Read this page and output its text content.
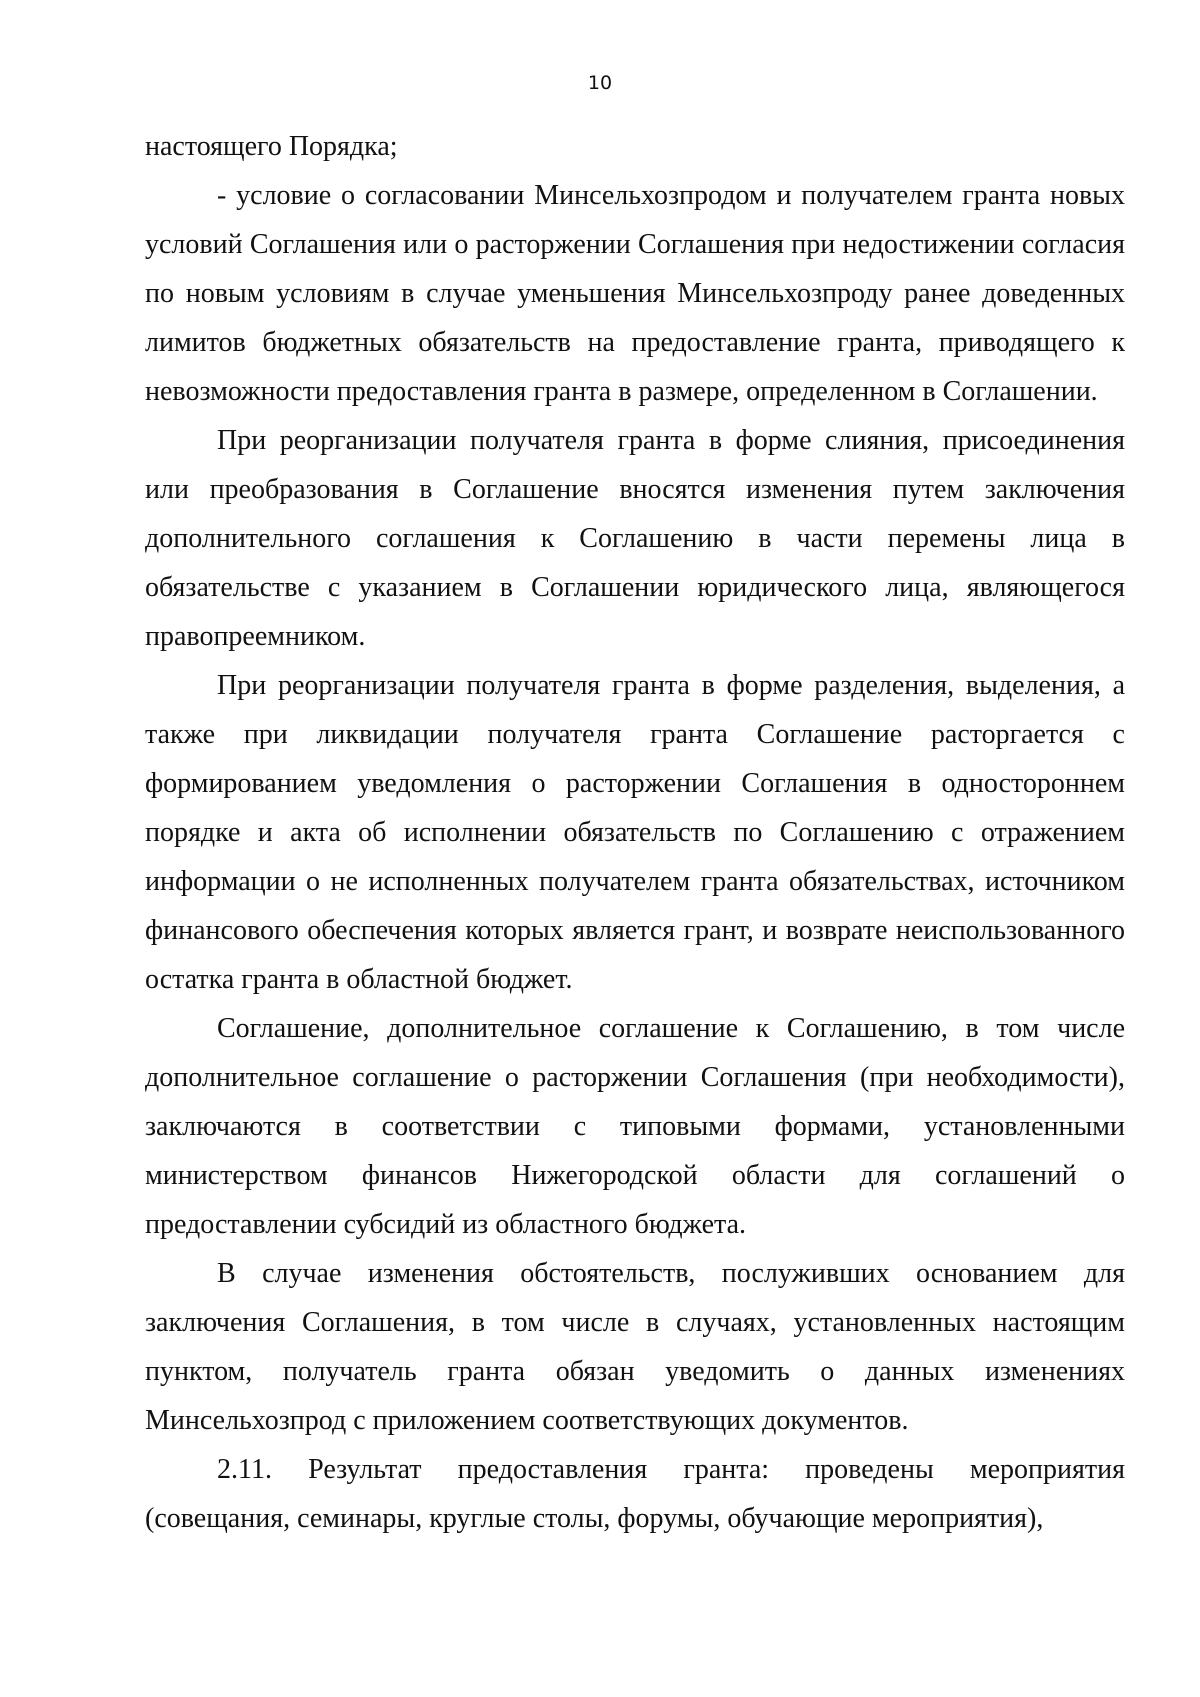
10

настоящего Порядка;

- условие о согласовании Минсельхозпродом и получателем гранта новых условий Соглашения или о расторжении Соглашения при недостижении согласия по новым условиям в случае уменьшения Минсельхозпроду ранее доведенных лимитов бюджетных обязательств на предоставление гранта, приводящего к невозможности предоставления гранта в размере, определенном в Соглашении.

При реорганизации получателя гранта в форме слияния, присоединения или преобразования в Соглашение вносятся изменения путем заключения дополнительного соглашения к Соглашению в части перемены лица в обязательстве с указанием в Соглашении юридического лица, являющегося правопреемником.

При реорганизации получателя гранта в форме разделения, выделения, а также при ликвидации получателя гранта Соглашение расторгается с формированием уведомления о расторжении Соглашения в одностороннем порядке и акта об исполнении обязательств по Соглашению с отражением информации о не исполненных получателем гранта обязательствах, источником финансового обеспечения которых является грант, и возврате неиспользованного остатка гранта в областной бюджет.

Соглашение, дополнительное соглашение к Соглашению, в том числе дополнительное соглашение о расторжении Соглашения (при необходимости), заключаются в соответствии с типовыми формами, установленными министерством финансов Нижегородской области для соглашений о предоставлении субсидий из областного бюджета.

В случае изменения обстоятельств, послуживших основанием для заключения Соглашения, в том числе в случаях, установленных настоящим пунктом, получатель гранта обязан уведомить о данных изменениях Минсельхозпрод с приложением соответствующих документов.

2.11. Результат предоставления гранта: проведены мероприятия (совещания, семинары, круглые столы, форумы, обучающие мероприятия),
